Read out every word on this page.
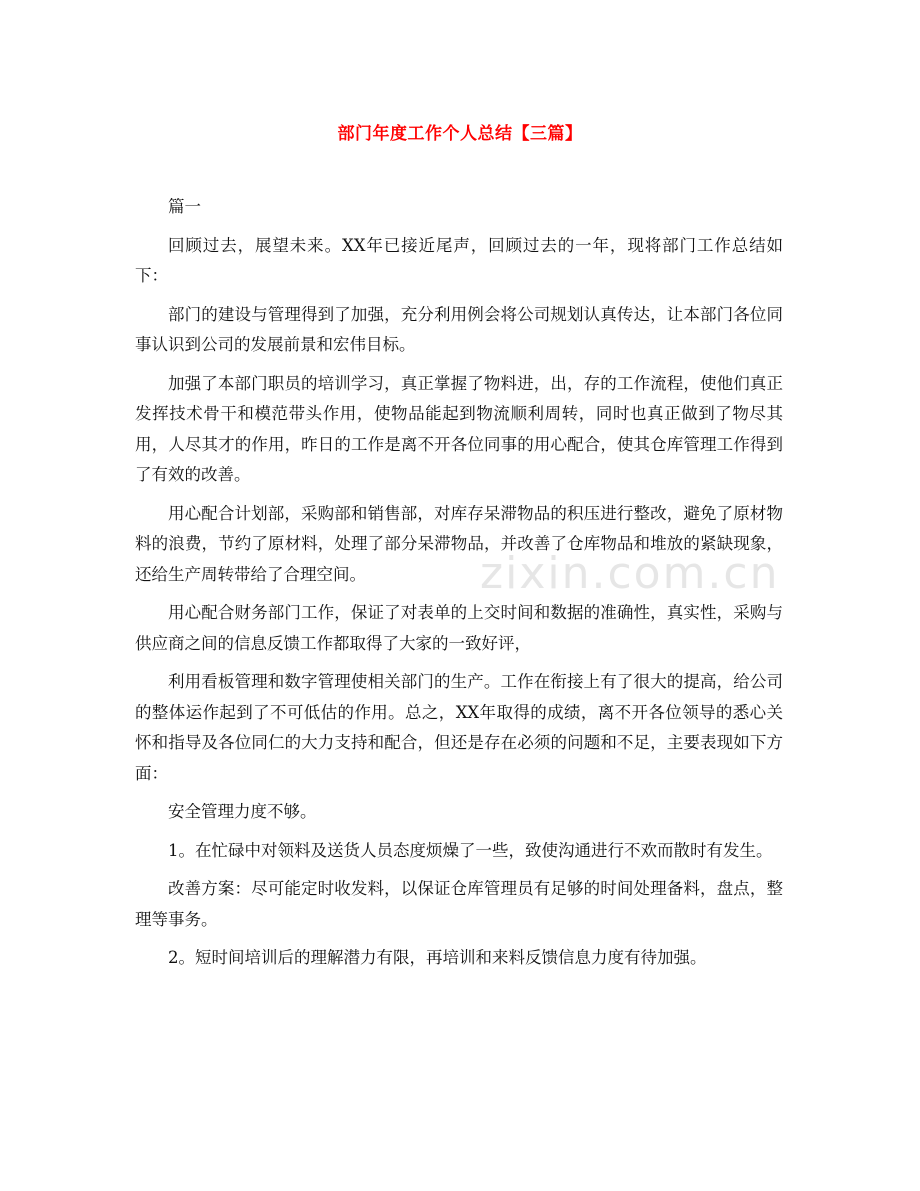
zixin.com.cn
部门年度工作个人总结【三篇】

篇一

回顾过去，展望未来。XX年已接近尾声，回顾过去的一年，现将部门工作总结如下：

部门的建设与管理得到了加强，充分利用例会将公司规划认真传达，让本部门各位同事认识到公司的发展前景和宏伟目标。

加强了本部门职员的培训学习，真正掌握了物料进，出，存的工作流程，使他们真正发挥技术骨干和模范带头作用，使物品能起到物流顺利周转，同时也真正做到了物尽其用，人尽其才的作用，昨日的工作是离不开各位同事的用心配合，使其仓库管理工作得到了有效的改善。

用心配合计划部，采购部和销售部，对库存呆滞物品的积压进行整改，避免了原材物料的浪费，节约了原材料，处理了部分呆滞物品，并改善了仓库物品和堆放的紧缺现象，还给生产周转带给了合理空间。

用心配合财务部门工作，保证了对表单的上交时间和数据的准确性，真实性，采购与供应商之间的信息反馈工作都取得了大家的一致好评，

利用看板管理和数字管理使相关部门的生产。工作在衔接上有了很大的提高，给公司的整体运作起到了不可低估的作用。总之，XX年取得的成绩，离不开各位领导的悉心关怀和指导及各位同仁的大力支持和配合，但还是存在必须的问题和不足，主要表现如下方面：

安全管理力度不够。

1。在忙碌中对领料及送货人员态度烦燥了一些，致使沟通进行不欢而散时有发生。

改善方案：尽可能定时收发料，以保证仓库管理员有足够的时间处理备料，盘点，整理等事务。

2。短时间培训后的理解潜力有限，再培训和来料反馈信息力度有待加强。
